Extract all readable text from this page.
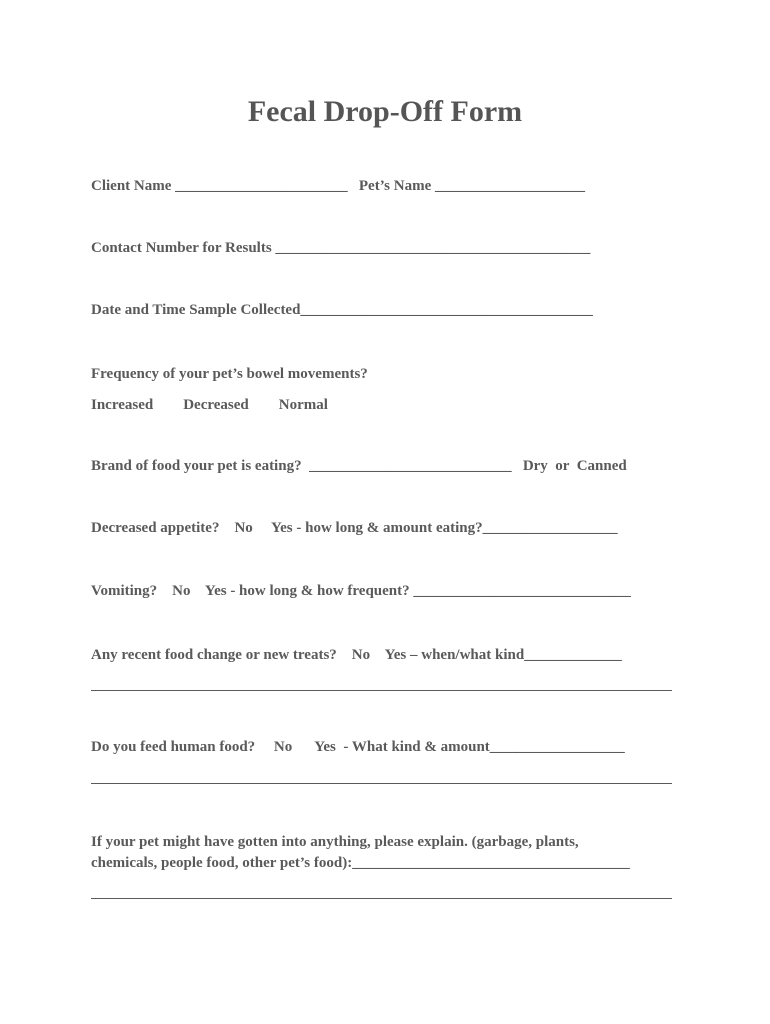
Fecal Drop-Off Form
Client Name _______________________   Pet’s Name ____________________
Contact Number for Results __________________________________________
Date and Time Sample Collected_______________________________________
Frequency of your pet’s bowel movements?
Increased        Decreased        Normal
Brand of food your pet is eating?  ___________________________   Dry  or  Canned
Decreased appetite?    No     Yes - how long & amount eating?__________________
Vomiting?    No    Yes - how long & how frequent? _____________________________
Any recent food change or new treats?    No    Yes – when/what kind_____________
Do you feed human food?     No      Yes  - What kind & amount__________________
If your pet might have gotten into anything, please explain. (garbage, plants,
chemicals, people food, other pet’s food):_____________________________________
